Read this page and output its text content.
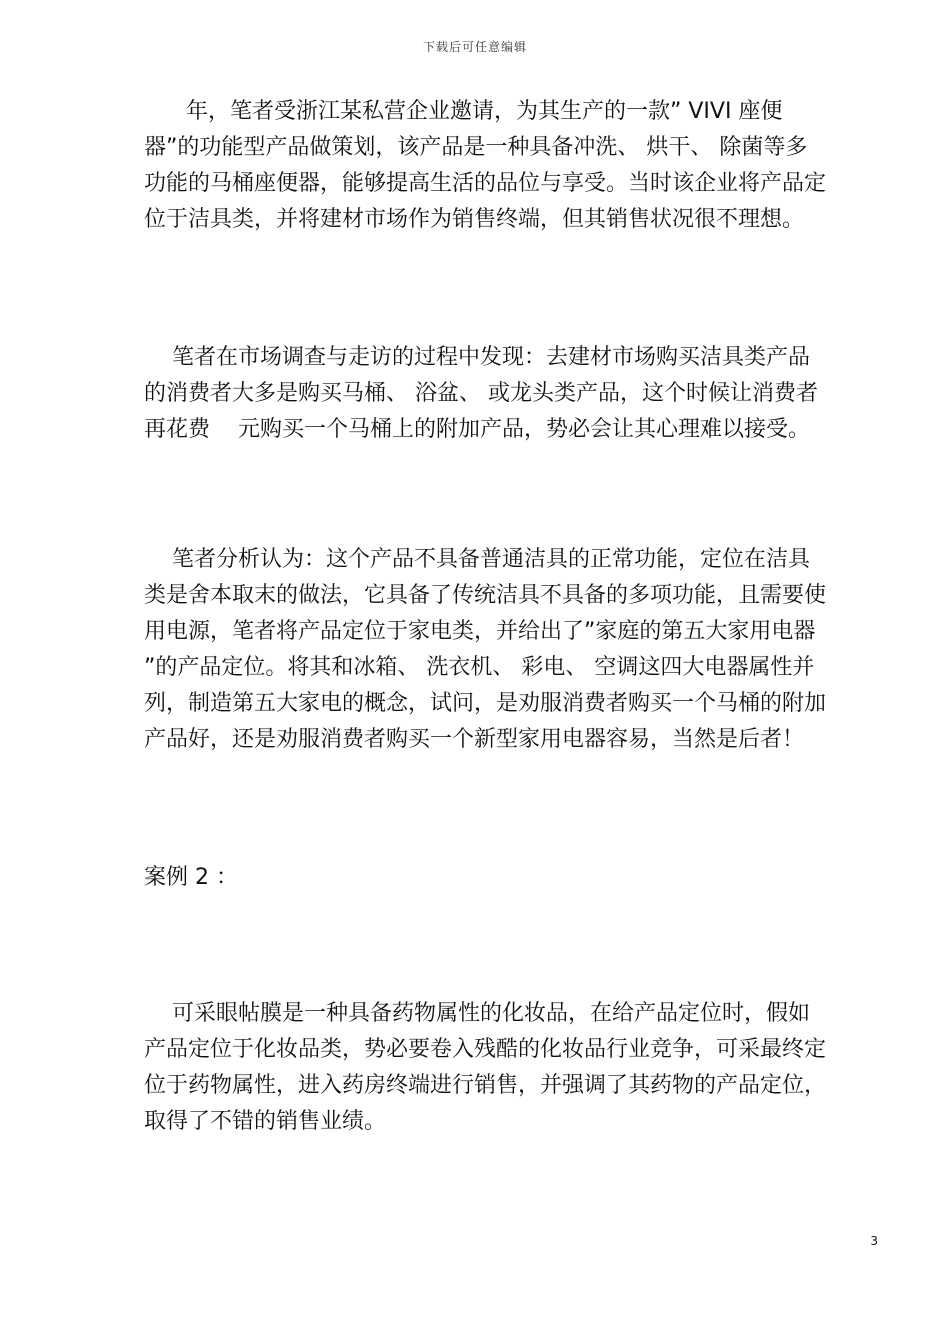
下载后可任意编辑
年，笔者受浙江某私营企业邀请，为其生产的一款” VIVI 座便
器”的功能型产品做策划，该产品是一种具备冲洗、 烘干、 除菌等多
功能的马桶座便器，能够提高生活的品位与享受。当时该企业将产品定
位于洁具类，并将建材市场作为销售终端，但其销售状况很不理想。
笔者在市场调查与走访的过程中发现：去建材市场购买洁具类产品
的消费者大多是购买马桶、 浴盆、 或龙头类产品，这个时候让消费者
再花费    元购买一个马桶上的附加产品，势必会让其心理难以接受。
笔者分析认为：这个产品不具备普通洁具的正常功能，定位在洁具
类是舍本取末的做法，它具备了传统洁具不具备的多项功能，且需要使
用电源，笔者将产品定位于家电类，并给出了”家庭的第五大家用电器
”的产品定位。将其和冰箱、 洗衣机、 彩电、 空调这四大电器属性并
列，制造第五大家电的概念，试问，是劝服消费者购买一个马桶的附加
产品好，还是劝服消费者购买一个新型家用电器容易，当然是后者！
案例 2 ：
可采眼帖膜是一种具备药物属性的化妆品，在给产品定位时，假如
产品定位于化妆品类，势必要卷入残酷的化妆品行业竞争，可采最终定
位于药物属性，进入药房终端进行销售，并强调了其药物的产品定位，
取得了不错的销售业绩。
3
